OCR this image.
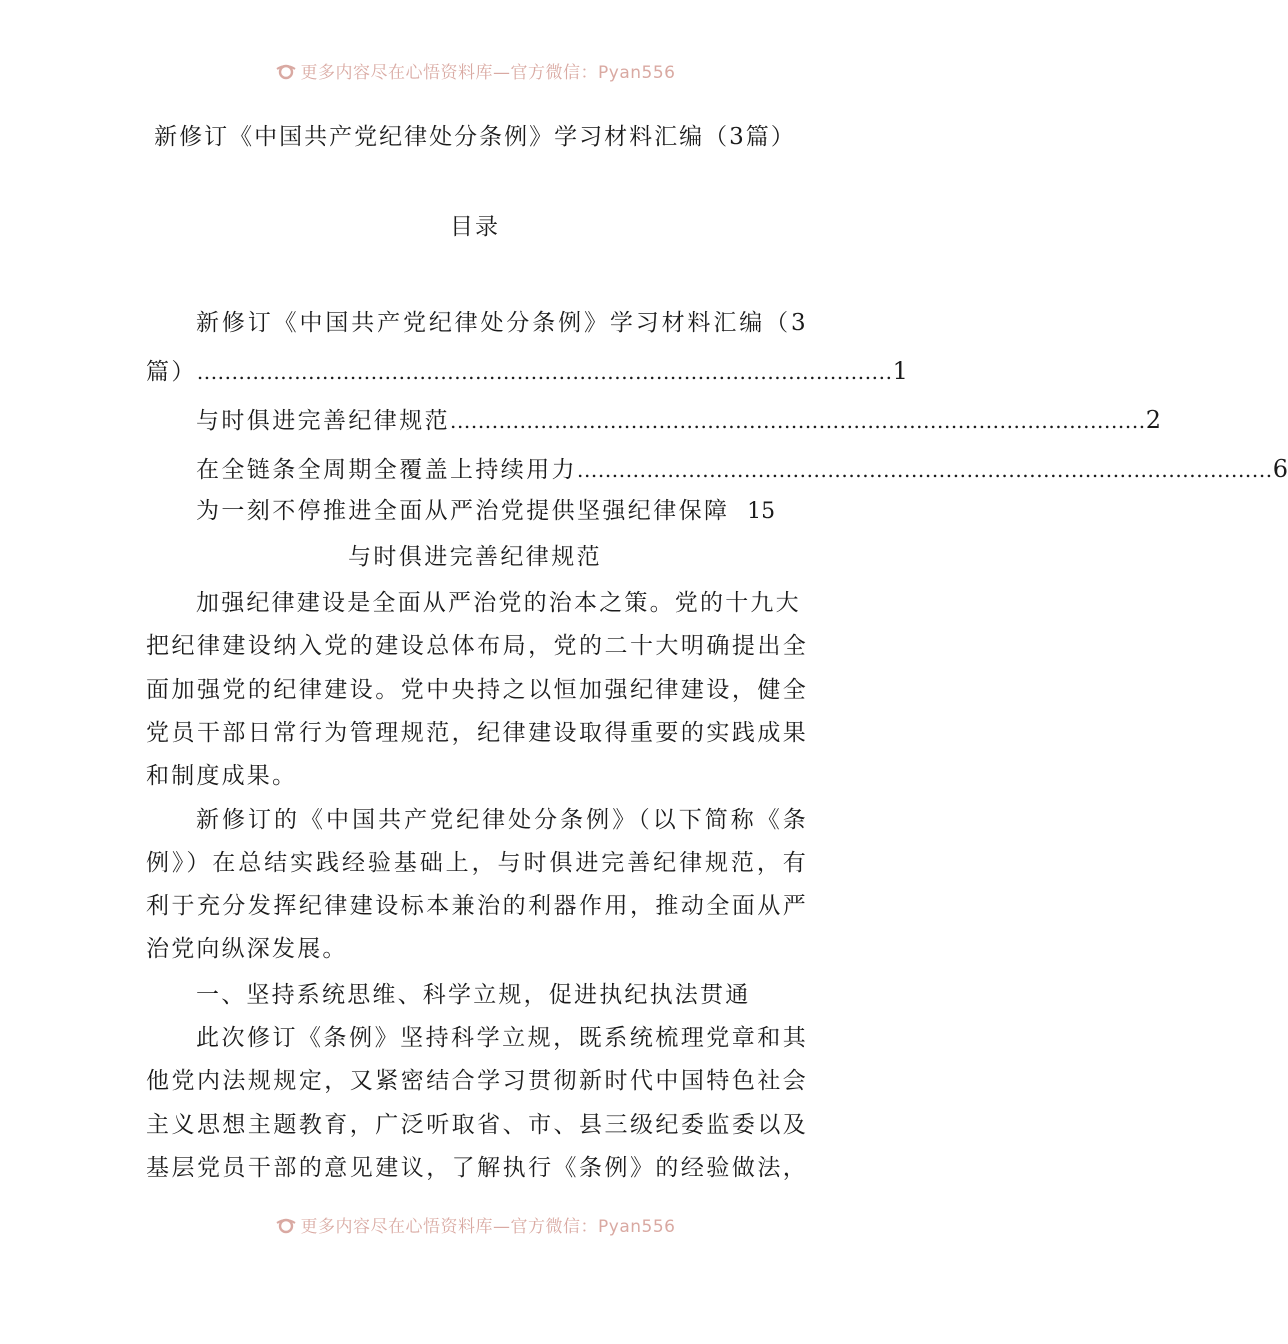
更多内容尽在心悟资料库—官方微信：Pyan556
新修订《中国共产党纪律处分条例》学习材料汇编（3篇）
目录
新修订《中国共产党纪律处分条例》学习材料汇编（3
篇） .................................................................................................... 1
与时俱进完善纪律规范 .................................................................................................... 2
在全链条全周期全覆盖上持续用力 .................................................................................................... 6
为一刻不停推进全面从严治党提供坚强纪律保障 15
与时俱进完善纪律规范
加强纪律建设是全面从严治党的治本之策。党的十九大
把纪律建设纳入党的建设总体布局，党的二十大明确提出全
面加强党的纪律建设。党中央持之以恒加强纪律建设，健全
党员干部日常行为管理规范，纪律建设取得重要的实践成果
和制度成果。
新修订的《中国共产党纪律处分条例》（以下简称《条
例》）在总结实践经验基础上，与时俱进完善纪律规范，有
利于充分发挥纪律建设标本兼治的利器作用，推动全面从严
治党向纵深发展。
一、坚持系统思维、科学立规，促进执纪执法贯通
此次修订《条例》坚持科学立规，既系统梳理党章和其
他党内法规规定，又紧密结合学习贯彻新时代中国特色社会
主义思想主题教育，广泛听取省、市、县三级纪委监委以及
基层党员干部的意见建议，了解执行《条例》的经验做法，
更多内容尽在心悟资料库—官方微信：Pyan556
